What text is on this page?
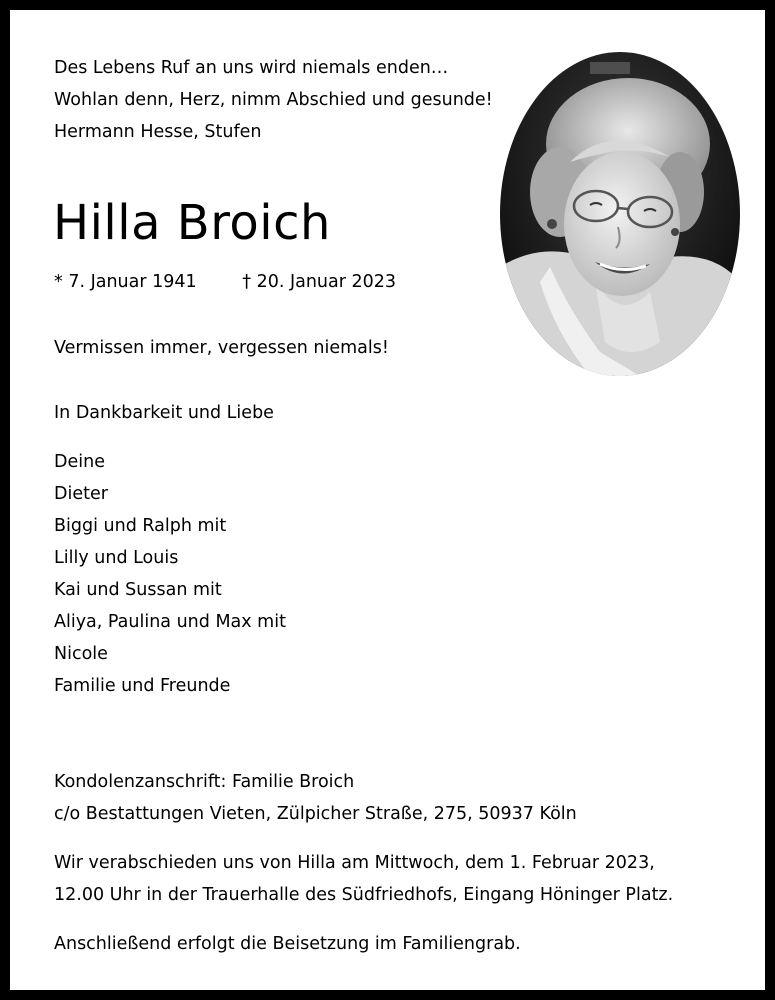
Des Lebens Ruf an uns wird niemals enden…

Wohlan denn, Herz, nimm Abschied und gesunde!

Hermann Hesse, Stufen

Hilla Broich
* 7. Januar 1941	† 20. Januar 2023

Vermissen immer, vergessen niemals!

In Dankbarkeit und Liebe

Deine
Dieter
Biggi und Ralph mit
Lilly und Louis
Kai und Sussan mit
Aliya, Paulina und Max mit
Nicole
Familie und Freunde

Kondolenzanschrift: Familie Broich

c/o Bestattungen Vieten, Zülpicher Straße, 275, 50937 Köln

Wir verabschieden uns von Hilla am Mittwoch, dem 1. Februar 2023,

12.00 Uhr in der Trauerhalle des Südfriedhofs, Eingang Höninger Platz.

Anschließend erfolgt die Beisetzung im Familiengrab.
